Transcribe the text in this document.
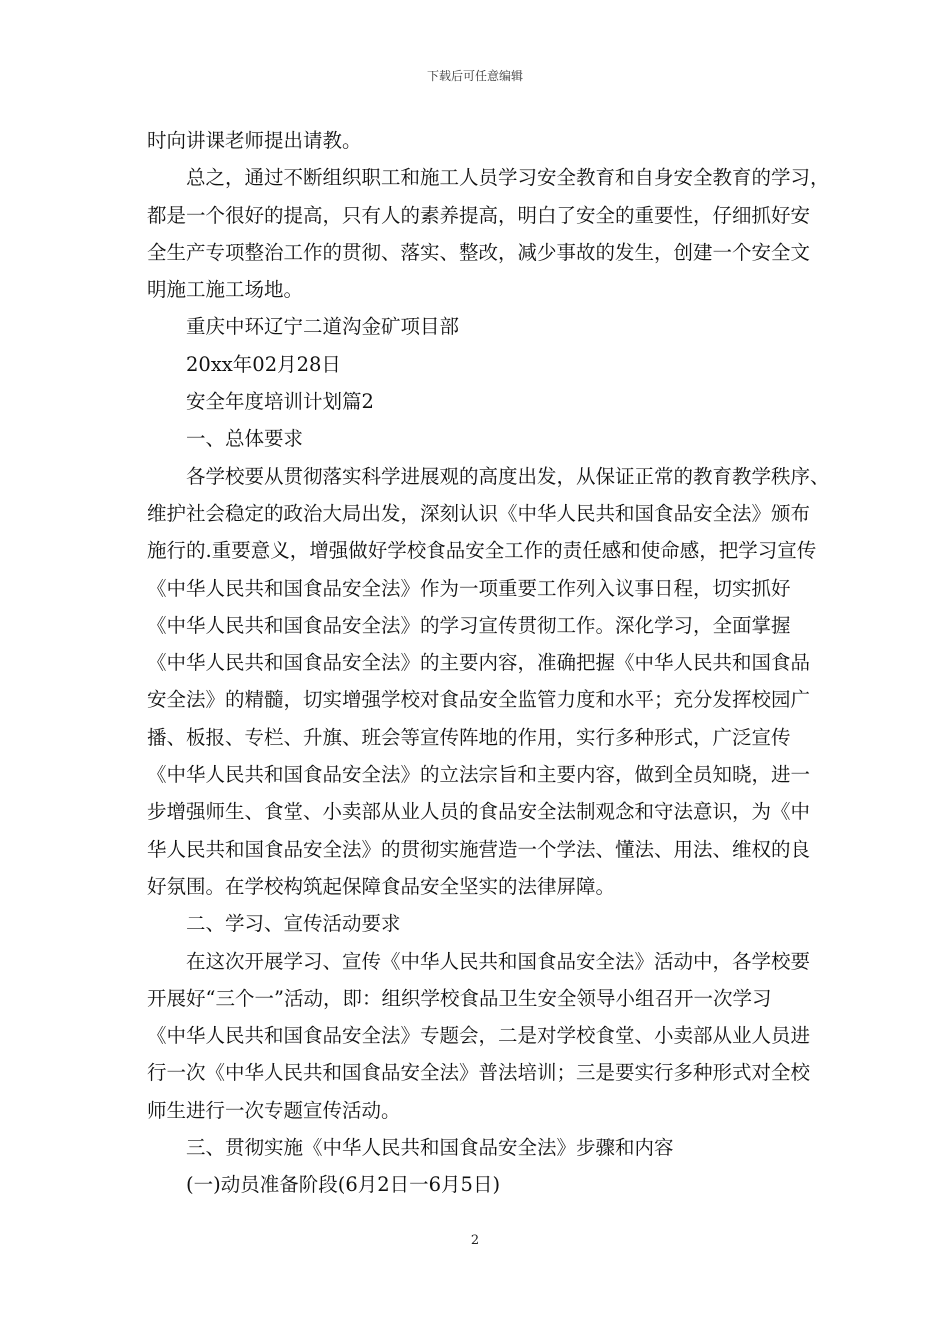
下载后可任意编辑
时向讲课老师提出请教。
总之，通过不断组织职工和施工人员学习安全教育和自身安全教育的学习，
都是一个很好的提高，只有人的素养提高，明白了安全的重要性，仔细抓好安
全生产专项整治工作的贯彻、落实、整改，减少事故的发生，创建一个安全文
明施工施工场地。
重庆中环辽宁二道沟金矿项目部
20xx年02月28日
安全年度培训计划篇2
一、总体要求
各学校要从贯彻落实科学进展观的高度出发，从保证正常的教育教学秩序、
维护社会稳定的政治大局出发，深刻认识《中华人民共和国食品安全法》颁布
施行的.重要意义，增强做好学校食品安全工作的责任感和使命感，把学习宣传
《中华人民共和国食品安全法》作为一项重要工作列入议事日程，切实抓好
《中华人民共和国食品安全法》的学习宣传贯彻工作。深化学习，全面掌握
《中华人民共和国食品安全法》的主要内容，准确把握《中华人民共和国食品
安全法》的精髓，切实增强学校对食品安全监管力度和水平；充分发挥校园广
播、板报、专栏、升旗、班会等宣传阵地的作用，实行多种形式，广泛宣传
《中华人民共和国食品安全法》的立法宗旨和主要内容，做到全员知晓，进一
步增强师生、食堂、小卖部从业人员的食品安全法制观念和守法意识，为《中
华人民共和国食品安全法》的贯彻实施营造一个学法、懂法、用法、维权的良
好氛围。在学校构筑起保障食品安全坚实的法律屏障。
二、学习、宣传活动要求
在这次开展学习、宣传《中华人民共和国食品安全法》活动中，各学校要
开展好“三个一”活动，即：组织学校食品卫生安全领导小组召开一次学习
《中华人民共和国食品安全法》专题会，二是对学校食堂、小卖部从业人员进
行一次《中华人民共和国食品安全法》普法培训；三是要实行多种形式对全校
师生进行一次专题宣传活动。
三、贯彻实施《中华人民共和国食品安全法》步骤和内容
(一)动员准备阶段(6月2日一6月5日)
2
